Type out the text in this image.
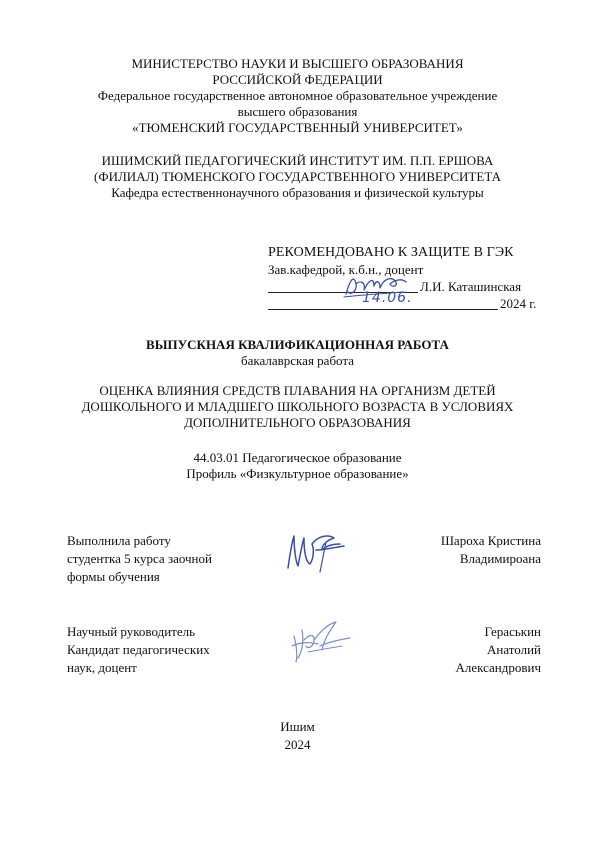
МИНИСТЕРСТВО НАУКИ И ВЫСШЕГО ОБРАЗОВАНИЯ
РОССИЙСКОЙ ФЕДЕРАЦИИ
Федеральное государственное автономное образовательное учреждение
высшего образования
«ТЮМЕНСКИЙ ГОСУДАРСТВЕННЫЙ УНИВЕРСИТЕТ»
ИШИМСКИЙ ПЕДАГОГИЧЕСКИЙ ИНСТИТУТ ИМ. П.П. ЕРШОВА
(ФИЛИАЛ) ТЮМЕНСКОГО ГОСУДАРСТВЕННОГО УНИВЕРСИТЕТА
Кафедра естественнонаучного образования и физической культуры
РЕКОМЕНДОВАНО К ЗАЩИТЕ В ГЭК
Зав.кафедрой, к.б.н., доцент
Л.И. Каташинская
2024 г.
14.06.
ВЫПУСКНАЯ КВАЛИФИКАЦИОННАЯ РАБОТА
бакалаврская работа
ОЦЕНКА ВЛИЯНИЯ СРЕДСТВ ПЛАВАНИЯ НА ОРГАНИЗМ ДЕТЕЙ
ДОШКОЛЬНОГО И МЛАДШЕГО ШКОЛЬНОГО ВОЗРАСТА В УСЛОВИЯХ
ДОПОЛНИТЕЛЬНОГО ОБРАЗОВАНИЯ
44.03.01 Педагогическое образование
Профиль «Физкультурное образование»
Выполнила работу
студентка 5 курса заочной
формы обучения
Шароха Кристина
Владимироана
Научный руководитель
Кандидат педагогических
наук, доцент
Гераськин
Анатолий
Александрович
Ишим
2024
